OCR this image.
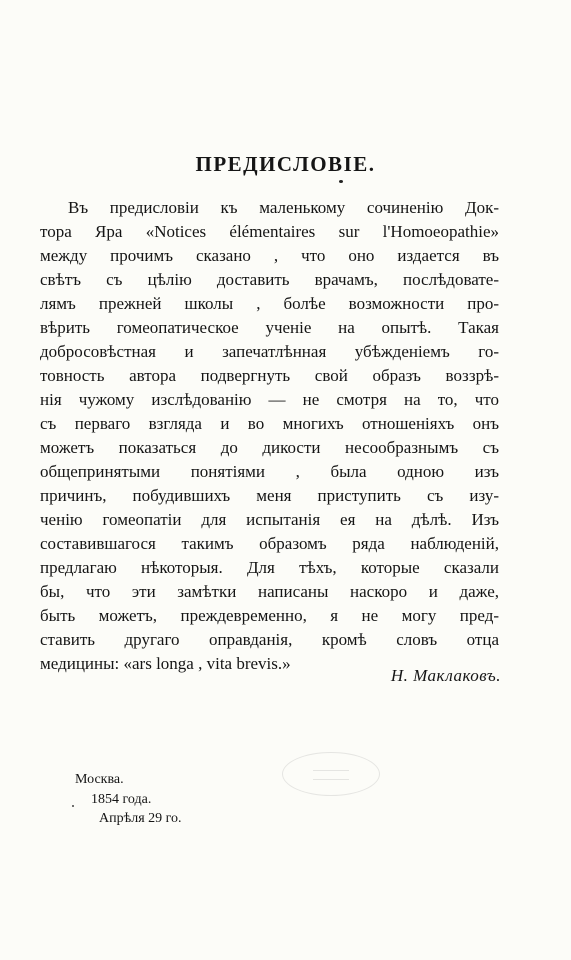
ПРЕДИСЛОВІЕ.
Въ предисловіи къ маленькому сочиненію Док-
тора Яра «Notices élémentaires sur l'Homoeopathie»
между прочимъ сказано , что оно издается въ
свѣтъ съ цѣлію доставить врачамъ, послѣдовате-
лямъ прежней школы , болѣе возможности про-
вѣрить гомеопатическое ученіе на опытѣ. Такая
добросовѣстная и запечатлѣнная убѣжденіемъ го-
товность автора подвергнуть свой образъ воззрѣ-
нія чужому изслѣдованію — не смотря на то, что
съ перваго взгляда и во многихъ отношеніяхъ онъ
можетъ показаться до дикости несообразнымъ съ
общепринятыми понятіями , была одною изъ
причинъ, побудившихъ меня приступить съ изу-
ченію гомеопатіи для испытанія ея на дѣлѣ. Изъ
составившагося такимъ образомъ ряда наблюденій,
предлагаю нѣкоторыя. Для тѣхъ, которые сказали
бы, что эти замѣтки написаны наскоро и даже,
быть можетъ, преждевременно, я не могу пред-
ставить другаго оправданія, кромѣ словъ отца
медицины: «ars longa , vita brevis.»
Н. Маклаковъ.
Москва.
1854 года.
Апрѣля 29 го.
